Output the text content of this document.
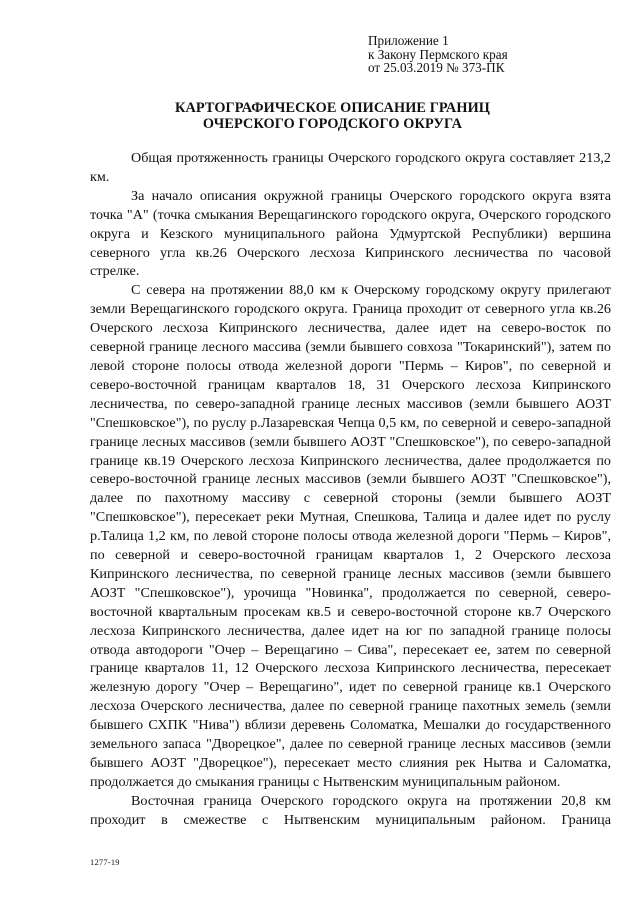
Приложение 1
к Закону Пермского края
от 25.03.2019 № 373-ПК
КАРТОГРАФИЧЕСКОЕ ОПИСАНИЕ ГРАНИЦ
ОЧЕРСКОГО ГОРОДСКОГО ОКРУГА

Общая протяженность границы Очерского городского округа составляет 213,2 км.

За начало описания окружной границы Очерского городского округа взята точка "А" (точка смыкания Верещагинского городского округа, Очерского городского округа и Кезского муниципального района Удмуртской Республики) вершина северного угла кв.26 Очерского лесхоза Кипринского лесничества по часовой стрелке.

С севера на протяжении 88,0 км к Очерскому городскому округу прилегают земли Верещагинского городского округа. Граница проходит от северного угла кв.26 Очерского лесхоза Кипринского лесничества, далее идет на северо-восток по северной границе лесного массива (земли бывшего совхоза "Токаринский"), затем по левой стороне полосы отвода железной дороги "Пермь – Киров", по северной и северо-восточной границам кварталов 18, 31 Очерского лесхоза Кипринского лесничества, по северо-западной границе лесных массивов (земли бывшего АОЗТ "Спешковское"), по руслу р.Лазаревская Чепца 0,5 км, по северной и северо-западной границе лесных массивов (земли бывшего АОЗТ "Спешковское"), по северо-западной границе кв.19 Очерского лесхоза Кипринского лесничества, далее продолжается по северо-восточной границе лесных массивов (земли бывшего АОЗТ "Спешковское"), далее по пахотному массиву с северной стороны (земли бывшего АОЗТ "Спешковское"), пересекает реки Мутная, Спешкова, Талица и далее идет по руслу р.Талица 1,2 км, по левой стороне полосы отвода железной дороги "Пермь – Киров", по северной и северо-восточной границам кварталов 1, 2 Очерского лесхоза Кипринского лесничества, по северной границе лесных массивов (земли бывшего АОЗТ "Спешковское"), урочища "Новинка", продолжается по северной, северо-восточной квартальным просекам кв.5 и северо-восточной стороне кв.7 Очерского лесхоза Кипринского лесничества, далее идет на юг по западной границе полосы отвода автодороги "Очер – Верещагино – Сива", пересекает ее, затем по северной границе кварталов 11, 12 Очерского лесхоза Кипринского лесничества, пересекает железную дорогу "Очер – Верещагино", идет по северной границе кв.1 Очерского лесхоза Очерского лесничества, далее по северной границе пахотных земель (земли бывшего СХПК "Нива") вблизи деревень Соломатка, Мешалки до государственного земельного запаса "Дворецкое", далее по северной границе лесных массивов (земли бывшего АОЗТ "Дворецкое"), пересекает место слияния рек Нытва и Саломатка, продолжается до смыкания границы с Нытвенским муниципальным районом.

Восточная граница Очерского городского округа на протяжении 20,8 км проходит в смежестве с Нытвенским муниципальным районом. Граница

1277-19
